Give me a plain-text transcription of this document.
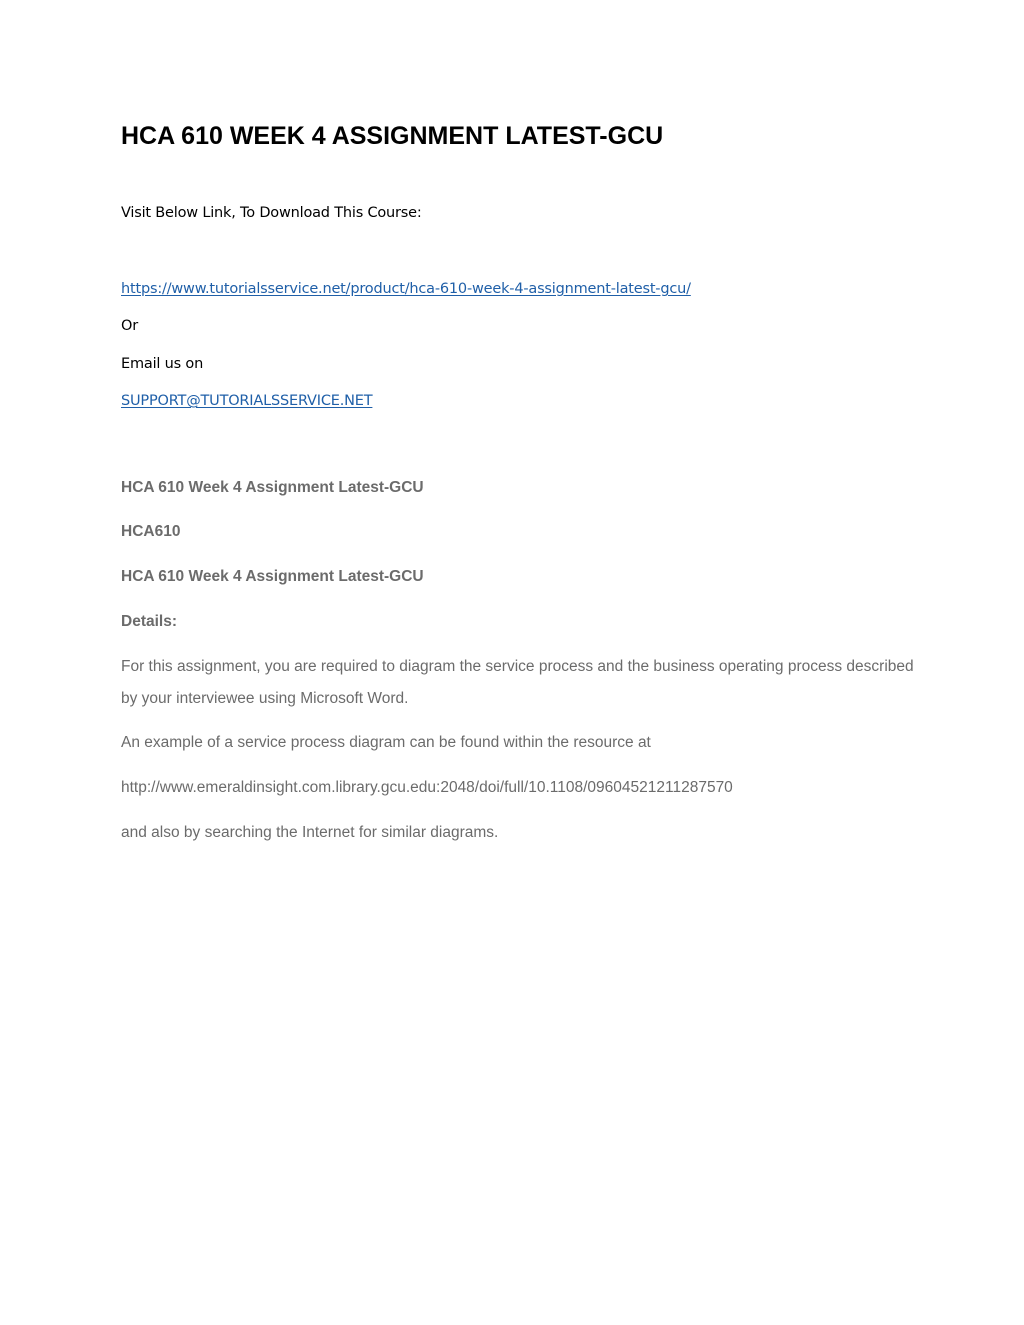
HCA 610 WEEK 4 ASSIGNMENT LATEST-GCU

Visit Below Link, To Download This Course:

https://www.tutorialsservice.net/product/hca-610-week-4-assignment-latest-gcu/

Or

Email us on

SUPPORT@TUTORIALSSERVICE.NET
HCA 610 Week 4 Assignment Latest-GCU

HCA610

HCA 610 Week 4 Assignment Latest-GCU

Details:

For this assignment, you are required to diagram the service process and the business operating process described by your interviewee using Microsoft Word.

An example of a service process diagram can be found within the resource at

http://www.emeraldinsight.com.library.gcu.edu:2048/doi/full/10.1108/09604521211287570

and also by searching the Internet for similar diagrams.
